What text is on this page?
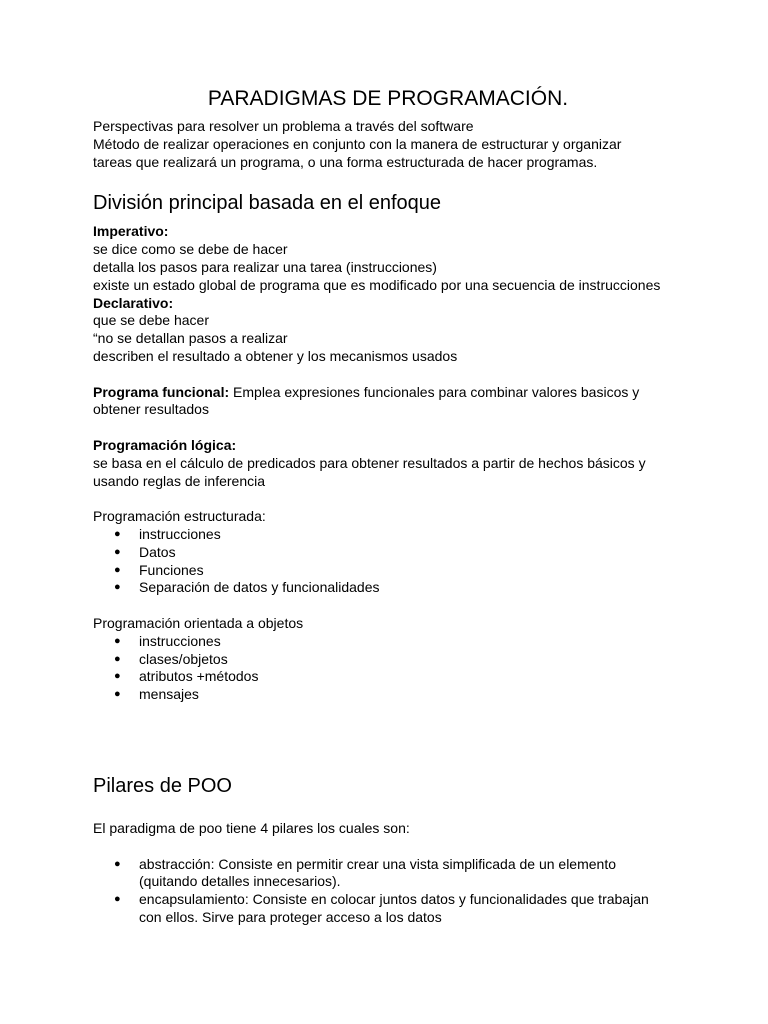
PARADIGMAS DE PROGRAMACIÓN.

Perspectivas para resolver un problema a través del software

Método de realizar operaciones en conjunto con la manera de estructurar y organizar

tareas que realizará un programa, o una forma estructurada de hacer programas.

División principal basada en el enfoque

Imperativo:

se dice como se debe de hacer

detalla los pasos para realizar una tarea (instrucciones)

existe un estado global de programa que es modificado por una secuencia de instrucciones

Declarativo:

que se debe hacer

“no se detallan pasos a realizar

describen el resultado a obtener y los mecanismos usados

Programa funcional: Emplea expresiones funcionales para combinar valores basicos y

obtener resultados

Programación lógica:

se basa en el cálculo de predicados para obtener resultados a partir de hechos básicos y

usando reglas de inferencia

Programación estructurada:

● instrucciones
● Datos
● Funciones
● Separación de datos y funcionalidades

Programación orientada a objetos

● instrucciones
● clases/objetos
● atributos +métodos
● mensajes
Pilares de POO

El paradigma de poo tiene 4 pilares los cuales son:

● abstracción: Consiste en permitir crear una vista simplificada de un elemento
(quitando detalles innecesarios).
● encapsulamiento: Consiste en colocar juntos datos y funcionalidades que trabajan
con ellos. Sirve para proteger acceso a los datos
